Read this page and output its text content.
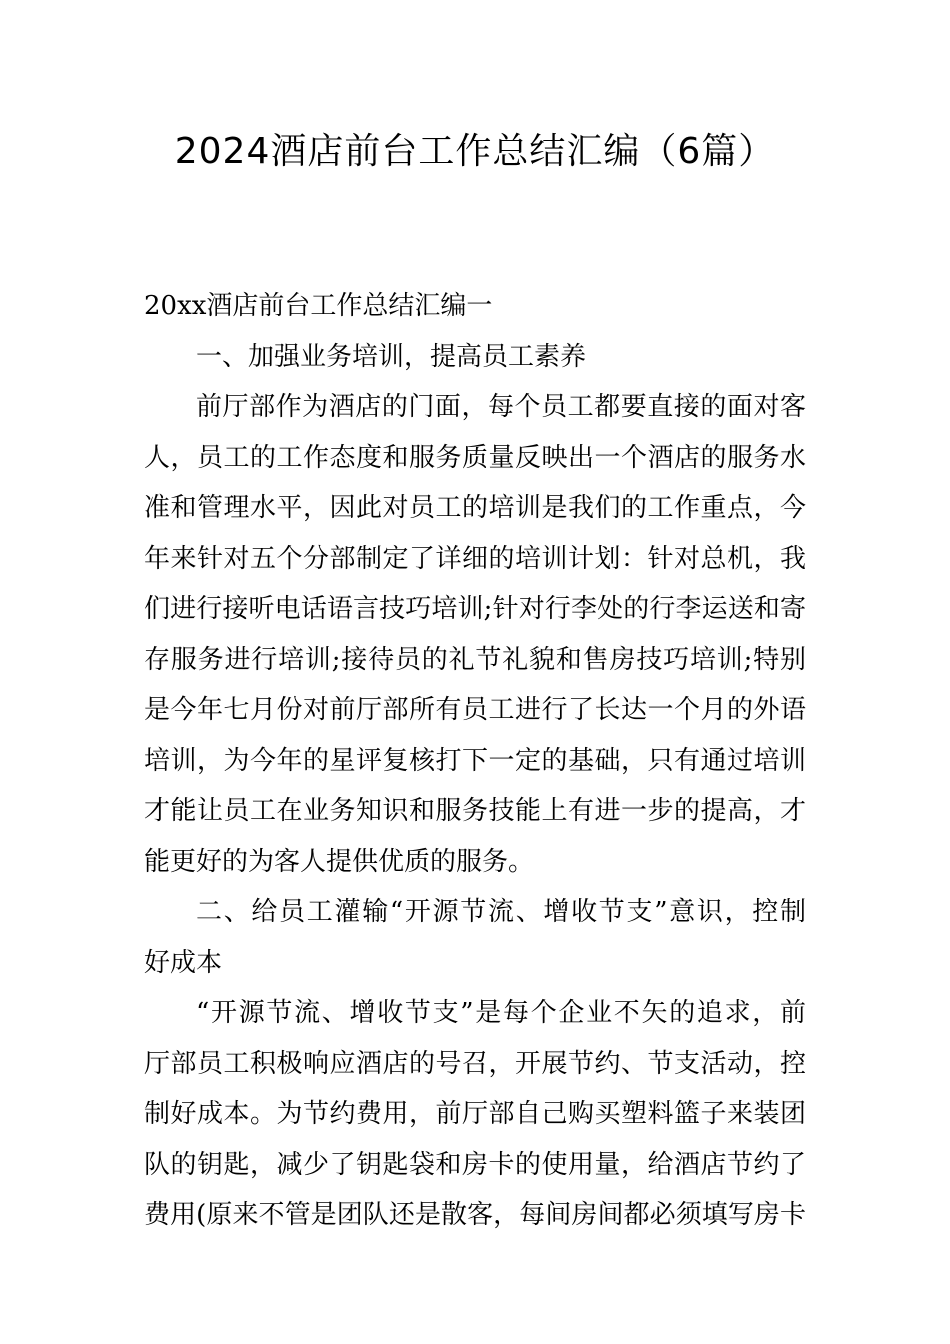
2024酒店前台工作总结汇编（6篇）
20xx酒店前台工作总结汇编一
一、加强业务培训，提高员工素养
前厅部作为酒店的门面，每个员工都要直接的面对客
人，员工的工作态度和服务质量反映出一个酒店的服务水
准和管理水平，因此对员工的培训是我们的工作重点，今
年来针对五个分部制定了详细的培训计划：针对总机，我
们进行接听电话语言技巧培训;针对行李处的行李运送和寄
存服务进行培训;接待员的礼节礼貌和售房技巧培训;特别
是今年七月份对前厅部所有员工进行了长达一个月的外语
培训，为今年的星评复核打下一定的基础，只有通过培训
才能让员工在业务知识和服务技能上有进一步的提高，才
能更好的为客人提供优质的服务。
二、给员工灌输“开源节流、增收节支”意识，控制
好成本
“开源节流、增收节支”是每个企业不矢的追求，前
厅部员工积极响应酒店的号召，开展节约、节支活动，控
制好成本。为节约费用，前厅部自己购买塑料篮子来装团
队的钥匙，减少了钥匙袋和房卡的使用量，给酒店节约了
费用(原来不管是团队还是散客，每间房间都必须填写房卡
